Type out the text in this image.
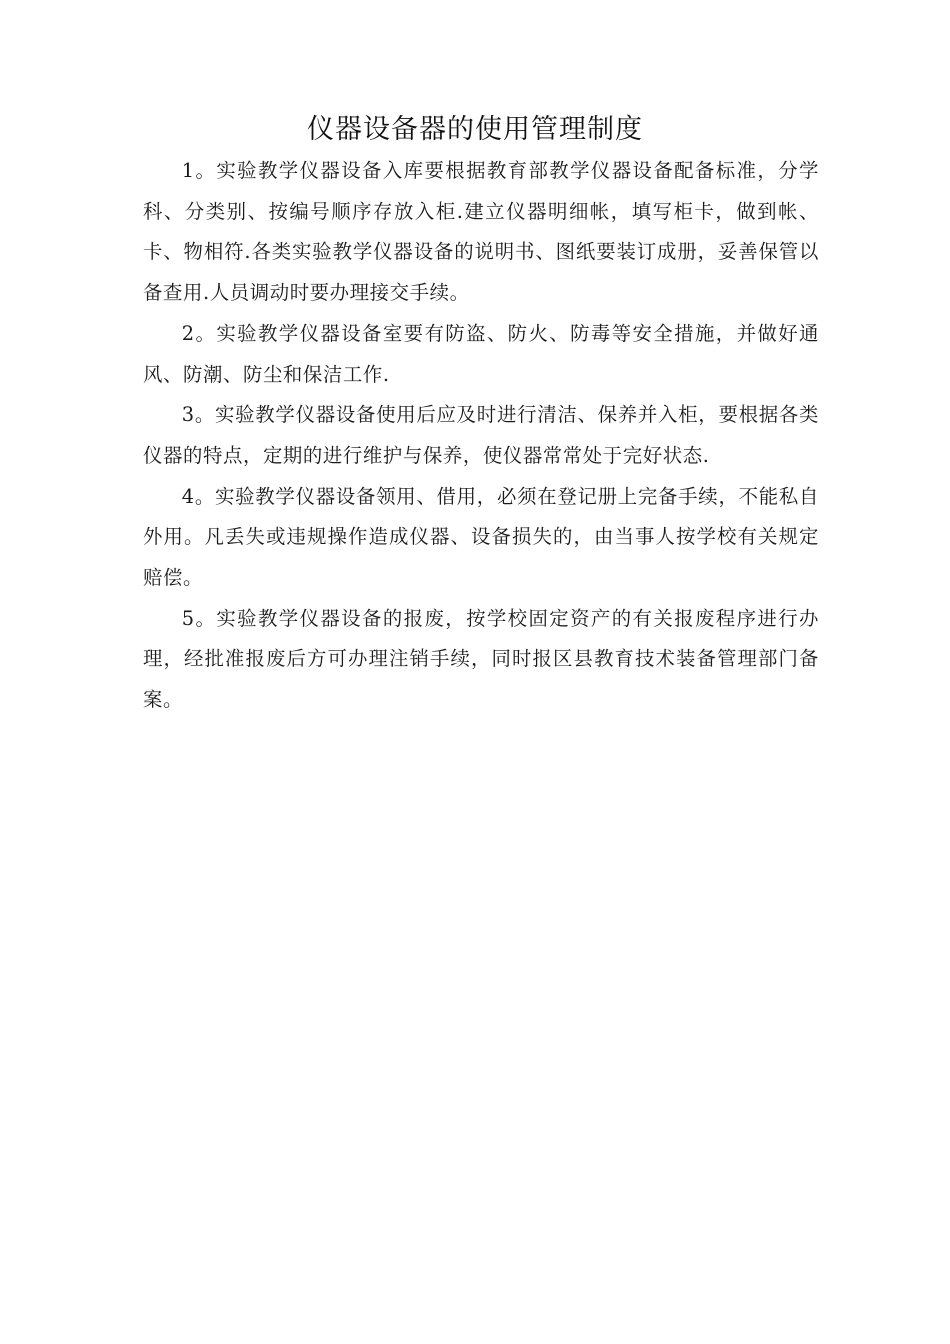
仪器设备器的使用管理制度

1。实验教学仪器设备入库要根据教育部教学仪器设备配备标准，分学科、分类别、按编号顺序存放入柜.建立仪器明细帐，填写柜卡，做到帐、卡、物相符.各类实验教学仪器设备的说明书、图纸要装订成册，妥善保管以备查用.人员调动时要办理接交手续。

2。实验教学仪器设备室要有防盗、防火、防毒等安全措施，并做好通风、防潮、防尘和保洁工作.

3。实验教学仪器设备使用后应及时进行清洁、保养并入柜，要根据各类仪器的特点，定期的进行维护与保养，使仪器常常处于完好状态.

4。实验教学仪器设备领用、借用，必须在登记册上完备手续，不能私自外用。凡丢失或违规操作造成仪器、设备损失的，由当事人按学校有关规定赔偿。

5。实验教学仪器设备的报废，按学校固定资产的有关报废程序进行办理，经批准报废后方可办理注销手续，同时报区县教育技术装备管理部门备案。
